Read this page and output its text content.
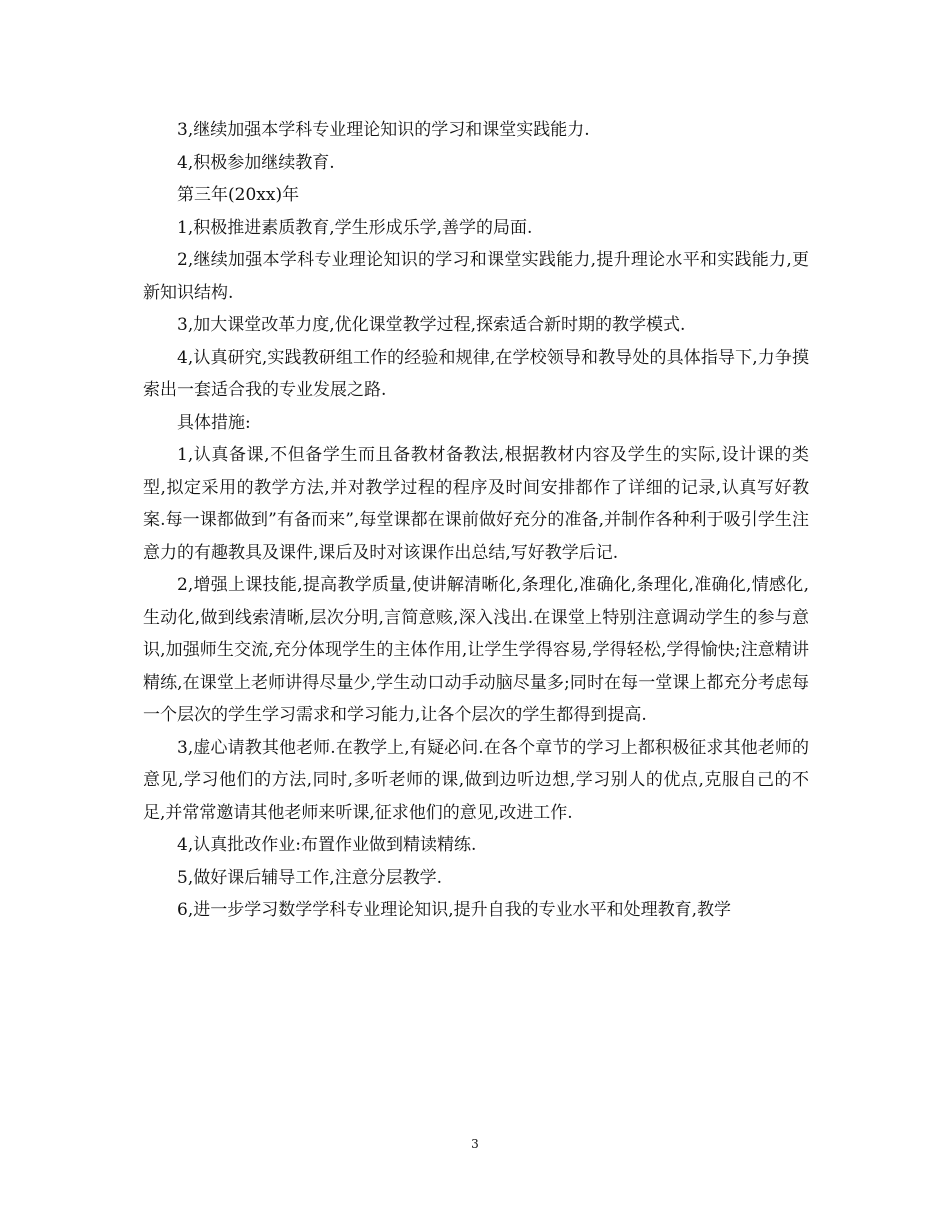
3,继续加强本学科专业理论知识的学习和课堂实践能力.

4,积极参加继续教育.

第三年(20xx)年

1,积极推进素质教育,学生形成乐学,善学的局面.

2,继续加强本学科专业理论知识的学习和课堂实践能力,提升理论水平和实践能力,更新知识结构.

3,加大课堂改革力度,优化课堂教学过程,探索适合新时期的教学模式.

4,认真研究,实践教研组工作的经验和规律,在学校领导和教导处的具体指导下,力争摸索出一套适合我的专业发展之路.

具体措施:

1,认真备课,不但备学生而且备教材备教法,根据教材内容及学生的实际,设计课的类型,拟定采用的教学方法,并对教学过程的程序及时间安排都作了详细的记录,认真写好教案.每一课都做到”有备而来”,每堂课都在课前做好充分的准备,并制作各种利于吸引学生注意力的有趣教具及课件,课后及时对该课作出总结,写好教学后记.

2,增强上课技能,提高教学质量,使讲解清晰化,条理化,准确化,条理化,准确化,情感化,生动化,做到线索清晰,层次分明,言简意赅,深入浅出.在课堂上特别注意调动学生的参与意识,加强师生交流,充分体现学生的主体作用,让学生学得容易,学得轻松,学得愉快;注意精讲精练,在课堂上老师讲得尽量少,学生动口动手动脑尽量多;同时在每一堂课上都充分考虑每一个层次的学生学习需求和学习能力,让各个层次的学生都得到提高.

3,虚心请教其他老师.在教学上,有疑必问.在各个章节的学习上都积极征求其他老师的意见,学习他们的方法,同时,多听老师的课,做到边听边想,学习别人的优点,克服自己的不足,并常常邀请其他老师来听课,征求他们的意见,改进工作.

4,认真批改作业:布置作业做到精读精练.

5,做好课后辅导工作,注意分层教学.

6,进一步学习数学学科专业理论知识,提升自我的专业水平和处理教育,教学

3
